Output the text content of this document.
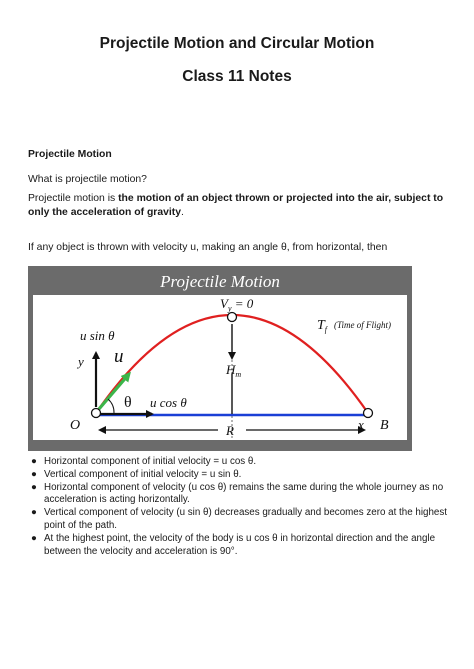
Projectile Motion and Circular Motion
Class 11 Notes
Projectile Motion
What is projectile motion?
Projectile motion is the motion of an object thrown or projected into the air, subject to only the acceleration of gravity.
If any object is thrown with velocity u, making an angle θ, from horizontal, then
Projectile Motion
$V_y = 0$
u sin θ
y u
θ u cos θ
O	R	x B
$H_m$
$T_f$ (Time of Flight)
● Horizontal component of initial velocity = u cos θ.
● Vertical component of initial velocity = u sin θ.
● Horizontal component of velocity (u cos θ) remains the same during the whole journey as no acceleration is acting horizontally.
● Vertical component of velocity (u sin θ) decreases gradually and becomes zero at the highest point of the path.
● At the highest point, the velocity of the body is u cos θ in horizontal direction and the angle between the velocity and acceleration is 90°.
